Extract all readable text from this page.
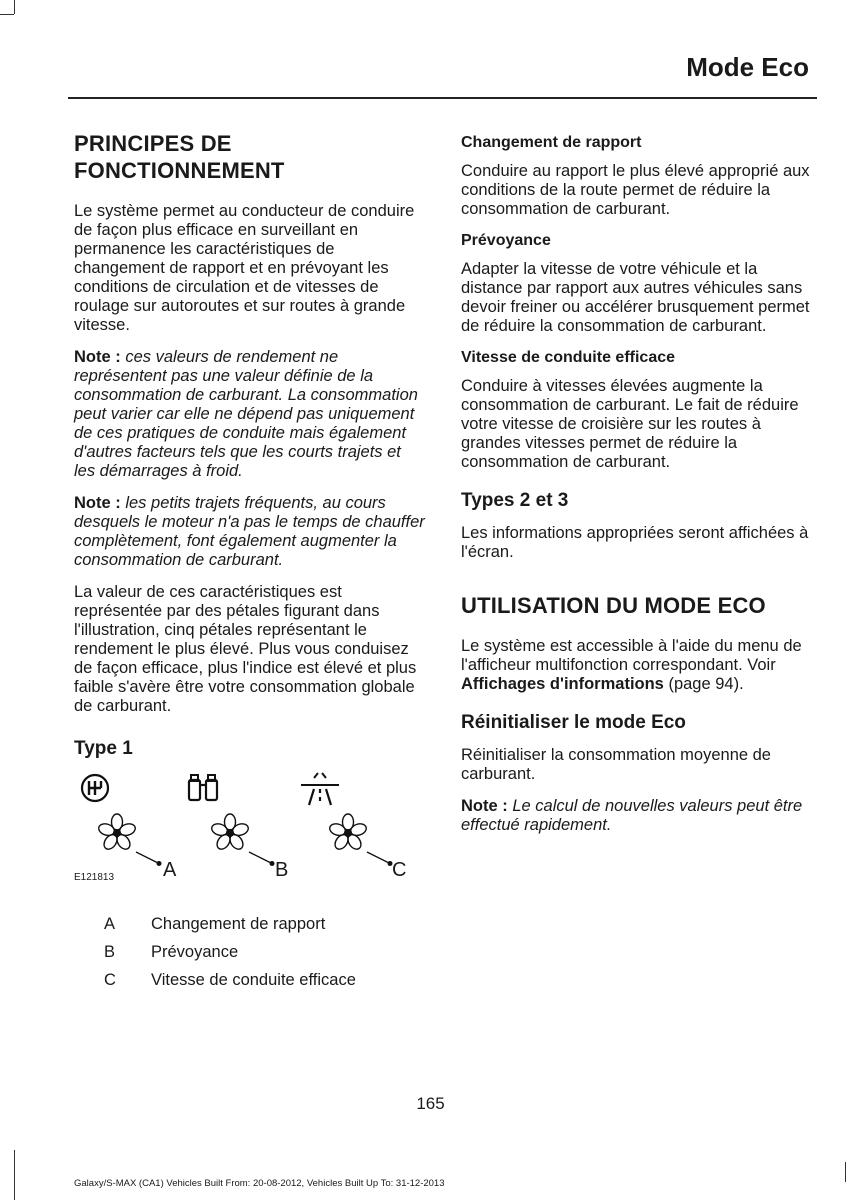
Mode Eco
PRINCIPES DE FONCTIONNEMENT

Le système permet au conducteur de conduire de façon plus efficace en surveillant en permanence les caractéristiques de changement de rapport et en prévoyant les conditions de circulation et de vitesses de roulage sur autoroutes et sur routes à grande vitesse.

Note : ces valeurs de rendement ne représentent pas une valeur définie de la consommation de carburant. La consommation peut varier car elle ne dépend pas uniquement de ces pratiques de conduite mais également d'autres facteurs tels que les courts trajets et les démarrages à froid.

Note : les petits trajets fréquents, au cours desquels le moteur n'a pas le temps de chauffer complètement, font également augmenter la consommation de carburant.

La valeur de ces caractéristiques est représentée par des pétales figurant dans l'illustration, cinq pétales représentant le rendement le plus élevé. Plus vous conduisez de façon efficace, plus l'indice est élevé et plus faible s'avère être votre consommation globale de carburant.

Type 1
A	B	C
E121813
A	Changement de rapport
B	Prévoyance
C	Vitesse de conduite efficace
Changement de rapport

Conduire au rapport le plus élevé approprié aux conditions de la route permet de réduire la consommation de carburant.

Prévoyance

Adapter la vitesse de votre véhicule et la distance par rapport aux autres véhicules sans devoir freiner ou accélérer brusquement permet de réduire la consommation de carburant.

Vitesse de conduite efficace

Conduire à vitesses élevées augmente la consommation de carburant. Le fait de réduire votre vitesse de croisière sur les routes à grandes vitesses permet de réduire la consommation de carburant.

Types 2 et 3

Les informations appropriées seront affichées à l'écran.

UTILISATION DU MODE ECO

Le système est accessible à l'aide du menu de l'afficheur multifonction correspondant. Voir Affichages d'informations (page 94).

Réinitialiser le mode Eco

Réinitialiser la consommation moyenne de carburant.

Note : Le calcul de nouvelles valeurs peut être effectué rapidement.

165
Galaxy/S-MAX (CA1) Vehicles Built From: 20-08-2012, Vehicles Built Up To: 31-12-2013
